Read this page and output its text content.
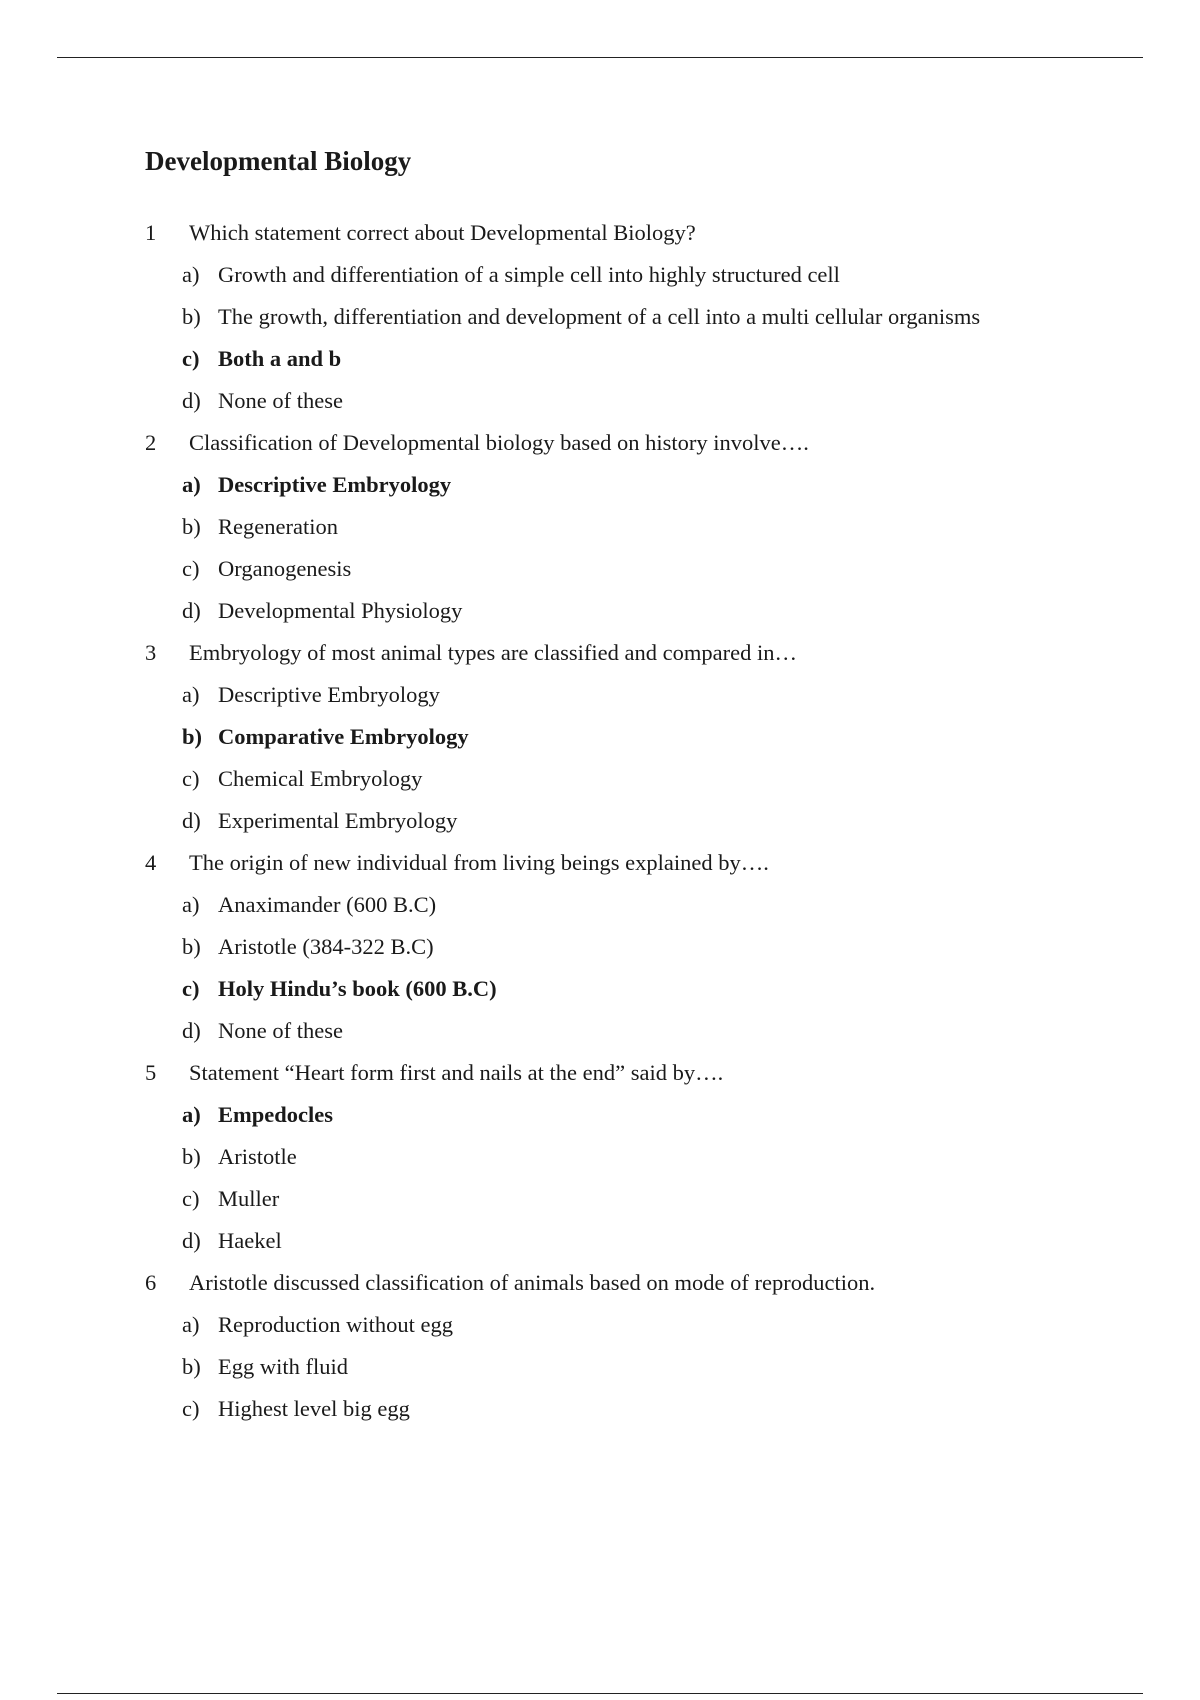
Developmental Biology
1	Which statement correct about Developmental Biology?
a) Growth and differentiation of a simple cell into highly structured cell
b) The growth, differentiation and development of a cell into a multi cellular organisms
c) Both a and b
d) None of these
2	Classification of Developmental biology based on history involve….
a) Descriptive Embryology
b) Regeneration
c) Organogenesis
d) Developmental Physiology
3	Embryology of most animal types are classified and compared in…
a) Descriptive Embryology
b) Comparative Embryology
c) Chemical Embryology
d) Experimental Embryology
4	The origin of new individual from living beings explained by….
a) Anaximander (600 B.C)
b) Aristotle (384-322 B.C)
c) Holy Hindu’s book (600 B.C)
d) None of these
5	Statement “Heart form first and nails at the end” said by….
a) Empedocles
b) Aristotle
c) Muller
d) Haekel
6	Aristotle discussed classification of animals based on mode of reproduction.
a) Reproduction without egg
b) Egg with fluid
c) Highest level big egg
